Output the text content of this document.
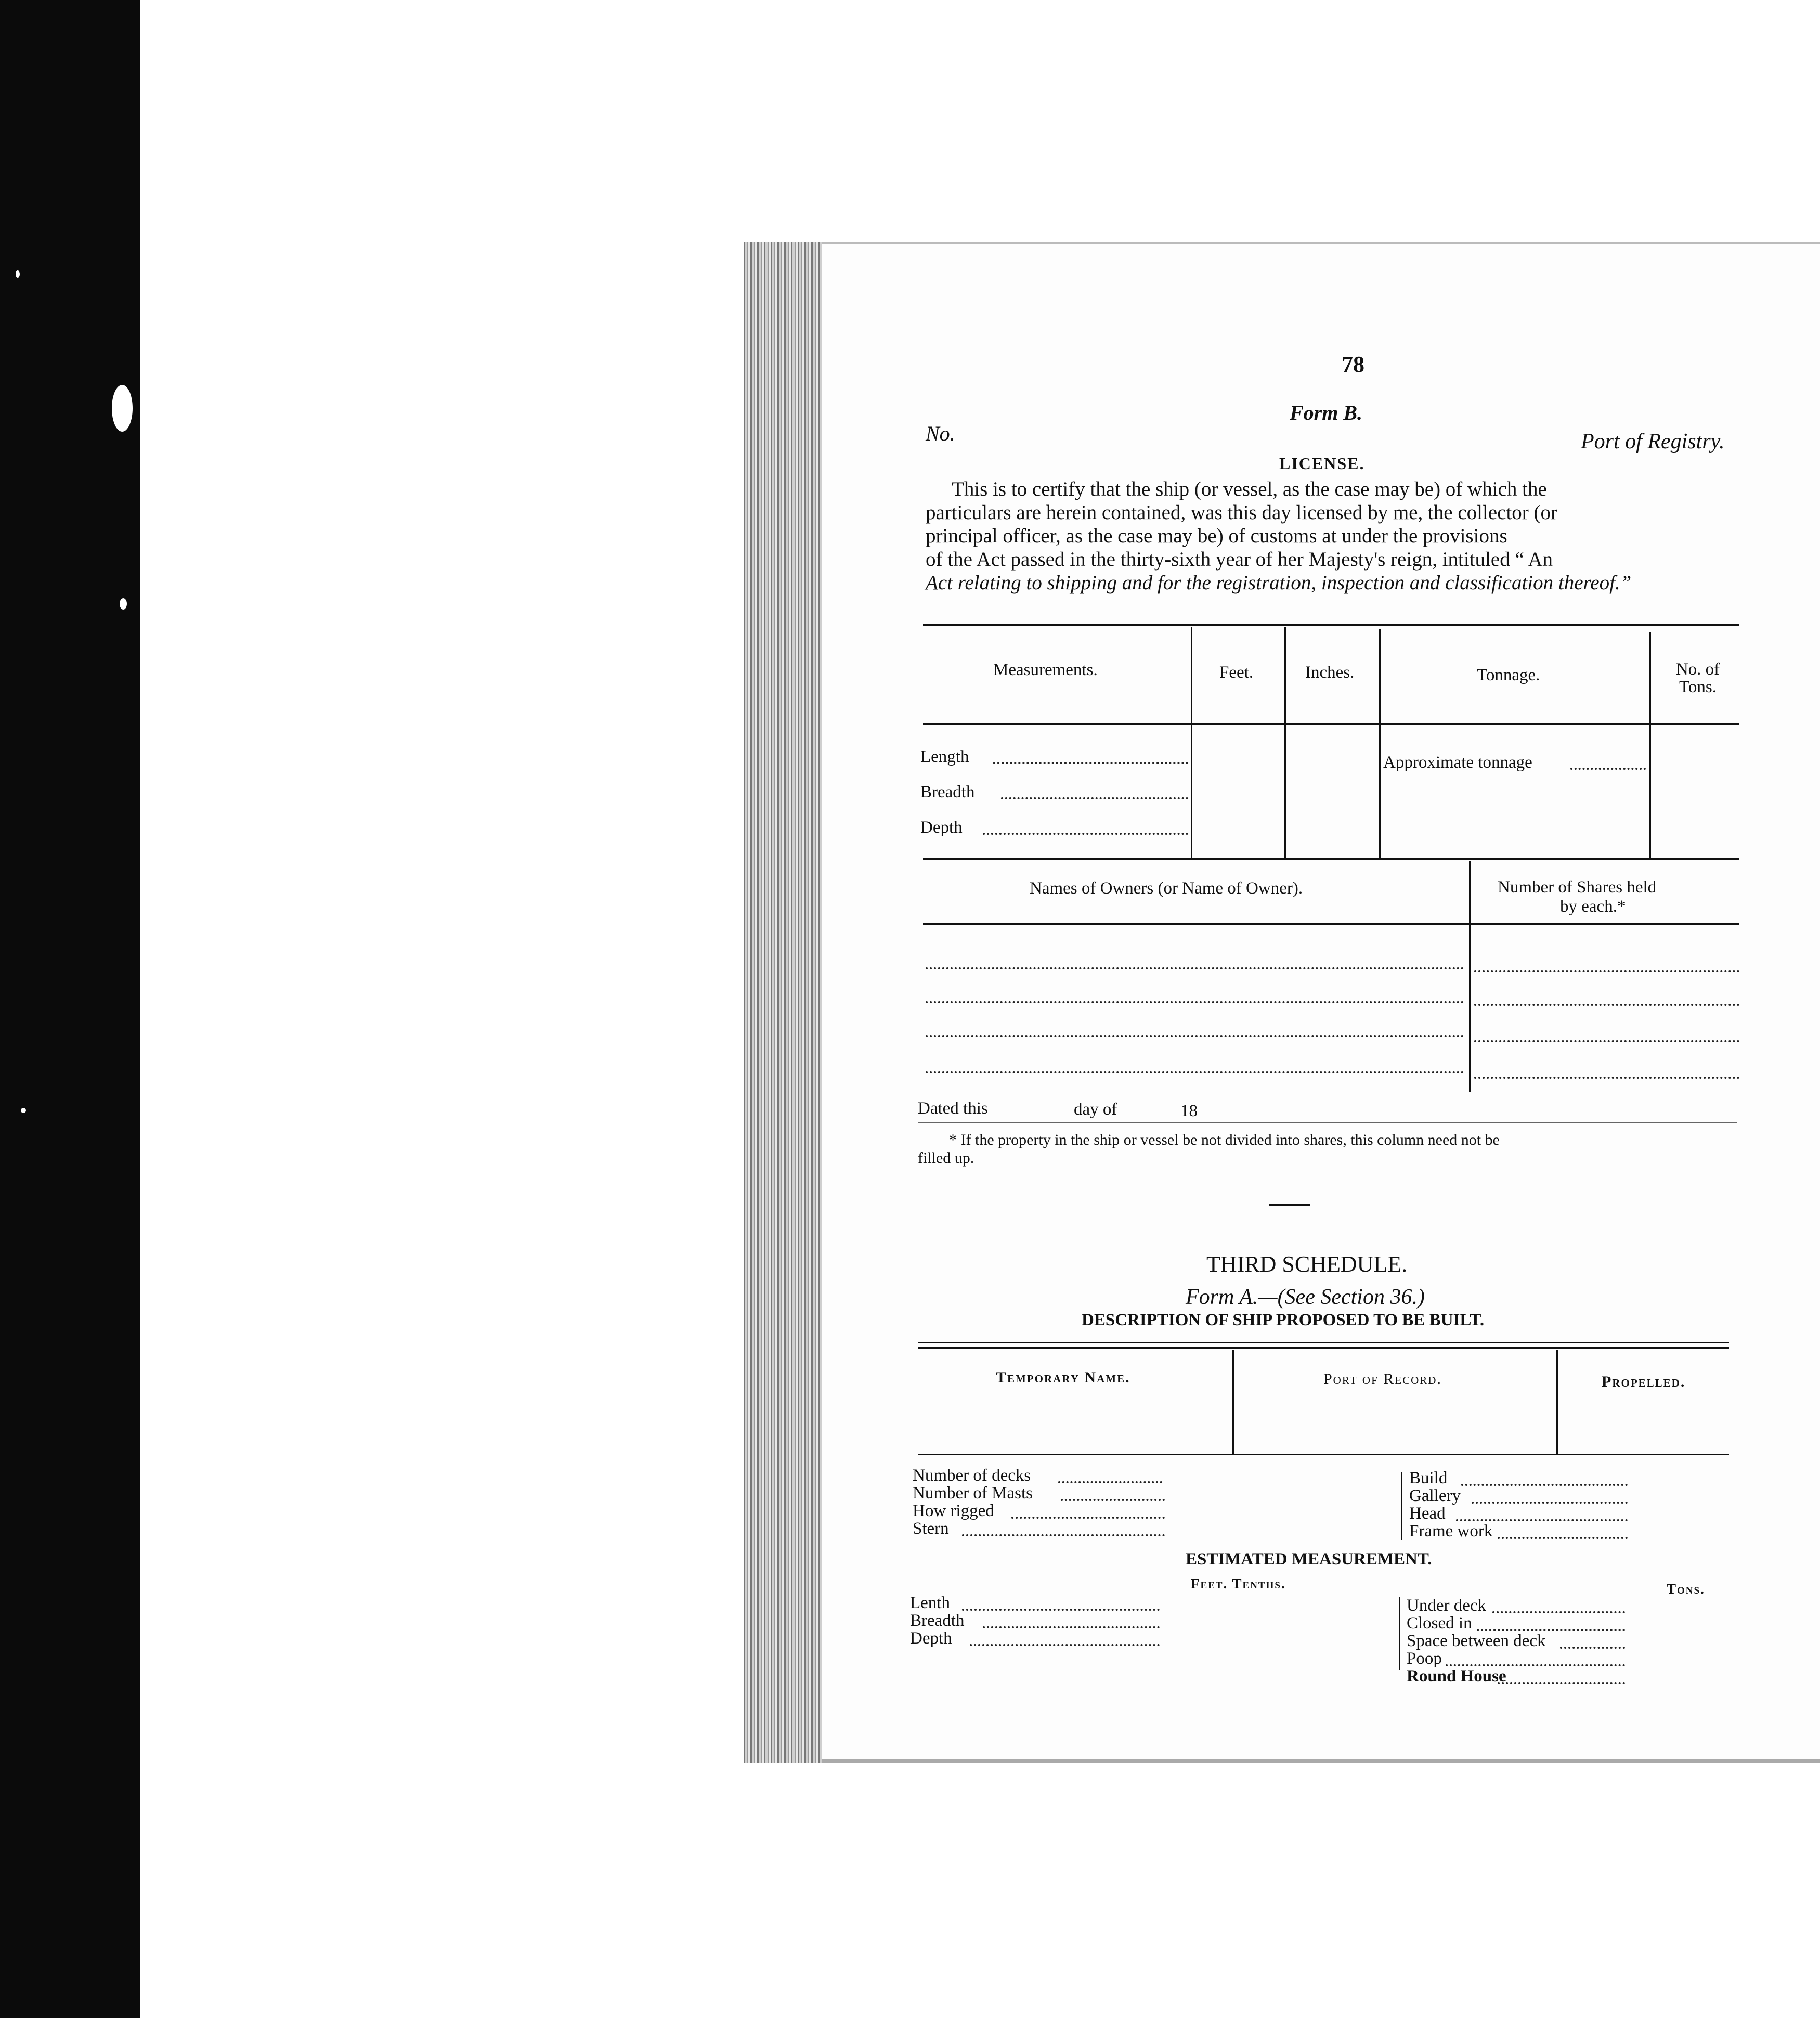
78
Form B.
No.	Port of Registry.
LICENSE.
This is to certify that the ship (or vessel, as the case may be) of which the
particulars are herein contained, was this day licensed by me, the collector (or
principal officer, as the case may be) of customs at under the provisions
of the Act passed in the thirty-sixth year of her Majesty's reign, intituled “ An
Act relating to shipping and for the registration, inspection and classification thereof.”
Measurements.	Feet.	Inches.	Tonnage.	No. of Tons.
Length
Breadth
Depth
Approximate tonnage
Names of Owners (or Name of Owner).	Number of Shares held
by each.*
Dated this	day of	18
* If the property in the ship or vessel be not divided into shares, this column need not be
filled up.
THIRD SCHEDULE.
Form A.—(See Section 36.)
DESCRIPTION OF SHIP PROPOSED TO BE BUILT.
Temporary Name.	Port of Record.	Propelled.
Number of decks
Number of Masts
How rigged
Stern
Build
Gallery
Head
Frame work
ESTIMATED MEASUREMENT.
Feet. Tenths.	Tons.
Lenth
Breadth
Depth
Under deck
Closed in
Space between deck
Poop
Round House
